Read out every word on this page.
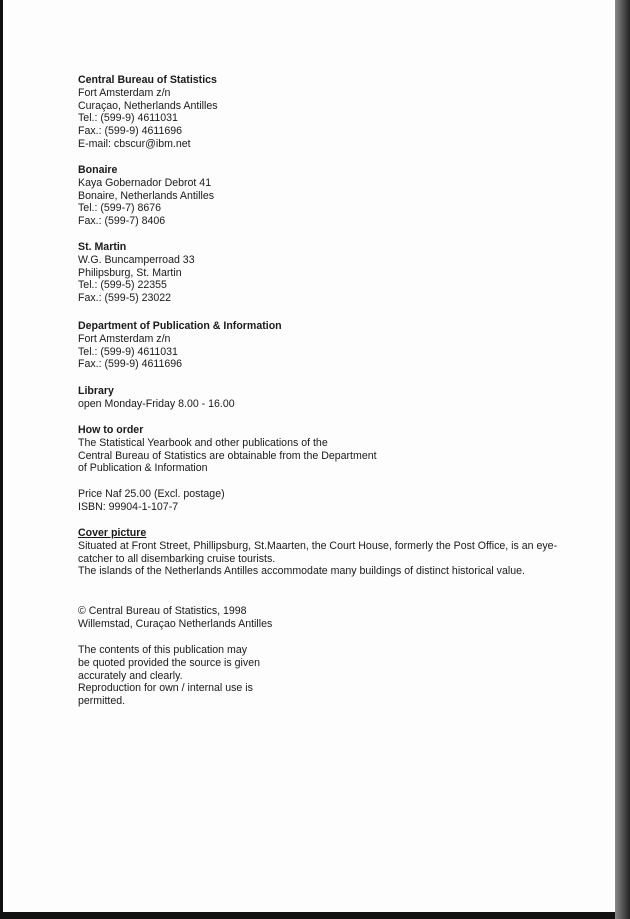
Central Bureau of Statistics
Fort Amsterdam z/n
Curaçao, Netherlands Antilles
Tel.: (599-9) 4611031
Fax.: (599-9) 4611696
E-mail: cbscur@ibm.net
Bonaire
Kaya Gobernador Debrot 41
Bonaire, Netherlands Antilles
Tel.: (599-7) 8676
Fax.: (599-7) 8406
St. Martin
W.G. Buncamperroad 33
Philipsburg, St. Martin
Tel.: (599-5) 22355
Fax.: (599-5) 23022
Department of Publication & Information
Fort Amsterdam z/n
Tel.: (599-9) 4611031
Fax.: (599-9) 4611696
Library
open Monday-Friday 8.00 - 16.00
How to order
The Statistical Yearbook and other publications of the
Central Bureau of Statistics are obtainable from the Department
of Publication & Information
Price Naf 25.00 (Excl. postage)
ISBN: 99904-1-107-7
Cover picture
Situated at Front Street, Phillipsburg, St.Maarten, the Court House, formerly the Post Office, is an eye-
catcher to all disembarking cruise tourists.
The islands of the Netherlands Antilles accommodate many buildings of distinct historical value.
© Central Bureau of Statistics, 1998
Willemstad, Curaçao Netherlands Antilles
The contents of this publication may
be quoted provided the source is given
accurately and clearly.
Reproduction for own / internal use is
permitted.
